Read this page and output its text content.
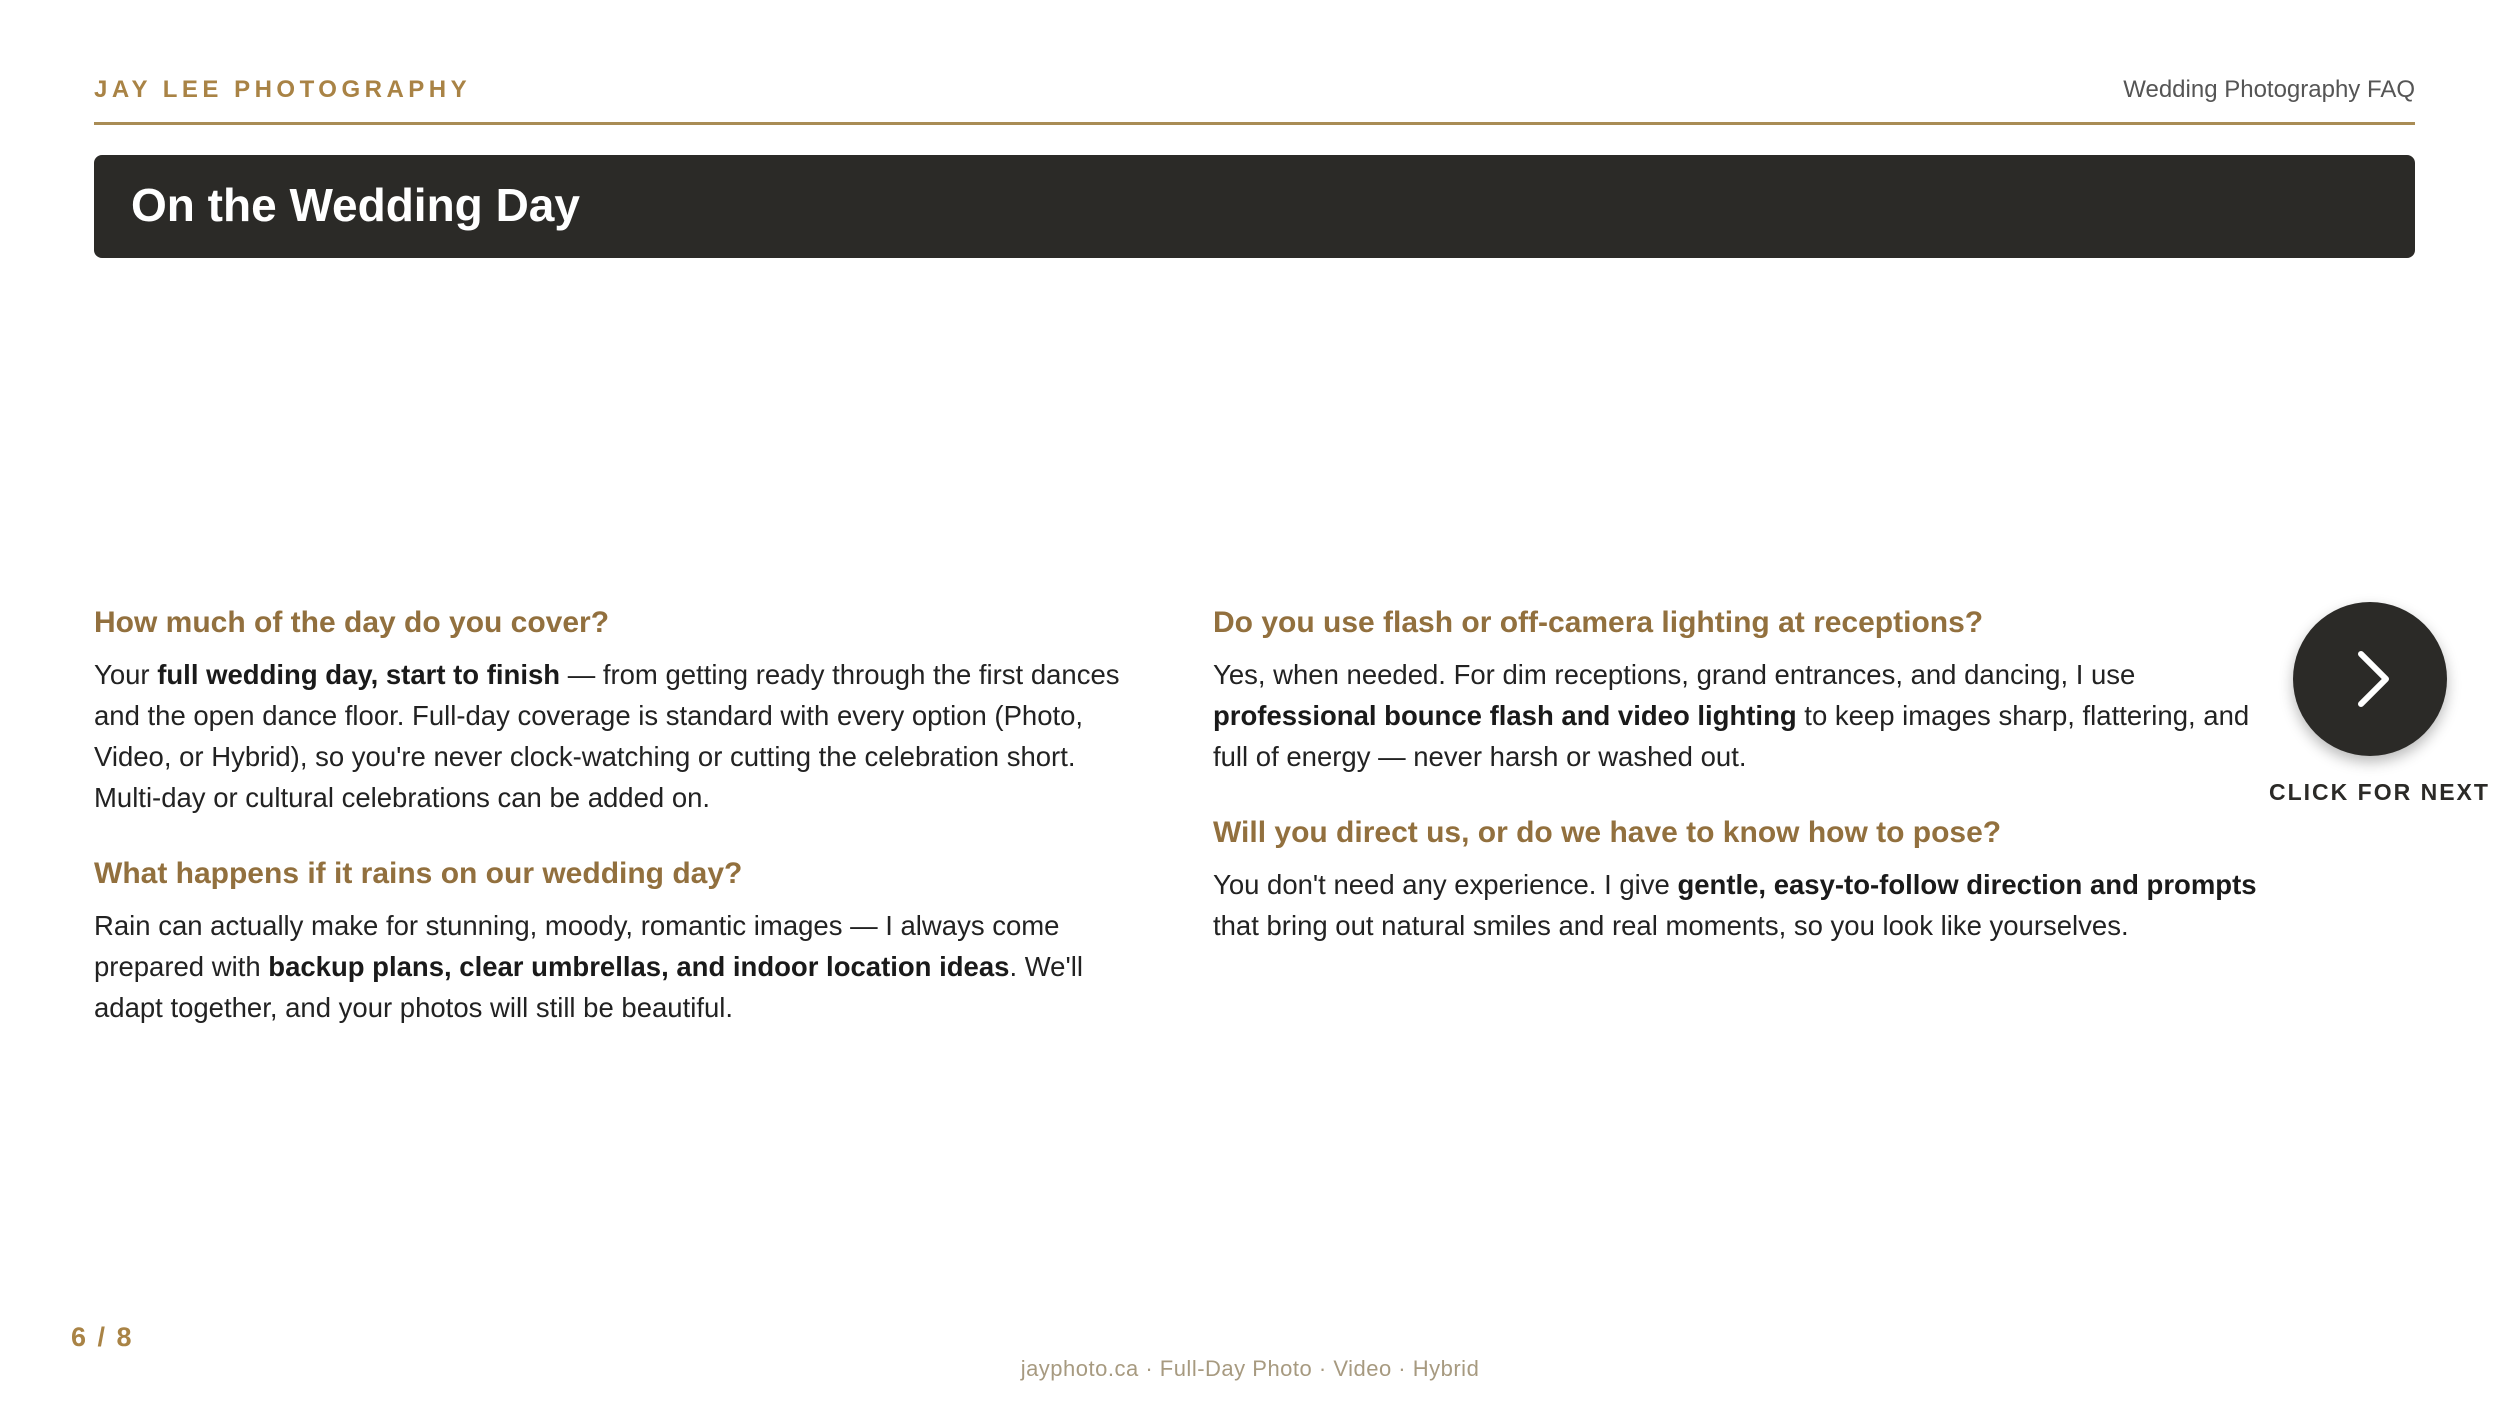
JAY LEE PHOTOGRAPHY	Wedding Photography FAQ
On the Wedding Day
How much of the day do you cover?

Your full wedding day, start to finish — from getting ready through the first dances and the open dance floor. Full-day coverage is standard with every option (Photo, Video, or Hybrid), so you're never clock-watching or cutting the celebration short. Multi-day or cultural celebrations can be added on.

What happens if it rains on our wedding day?

Rain can actually make for stunning, moody, romantic images — I always come prepared with backup plans, clear umbrellas, and indoor location ideas. We'll adapt together, and your photos will still be beautiful.

Do you use flash or off-camera lighting at receptions?

Yes, when needed. For dim receptions, grand entrances, and dancing, I use professional bounce flash and video lighting to keep images sharp, flattering, and full of energy — never harsh or washed out.

Will you direct us, or do we have to know how to pose?

You don't need any experience. I give gentle, easy-to-follow direction and prompts that bring out natural smiles and real moments, so you look like yourselves.

CLICK FOR NEXT
6 / 8
jayphoto.ca · Full-Day Photo · Video · Hybrid
